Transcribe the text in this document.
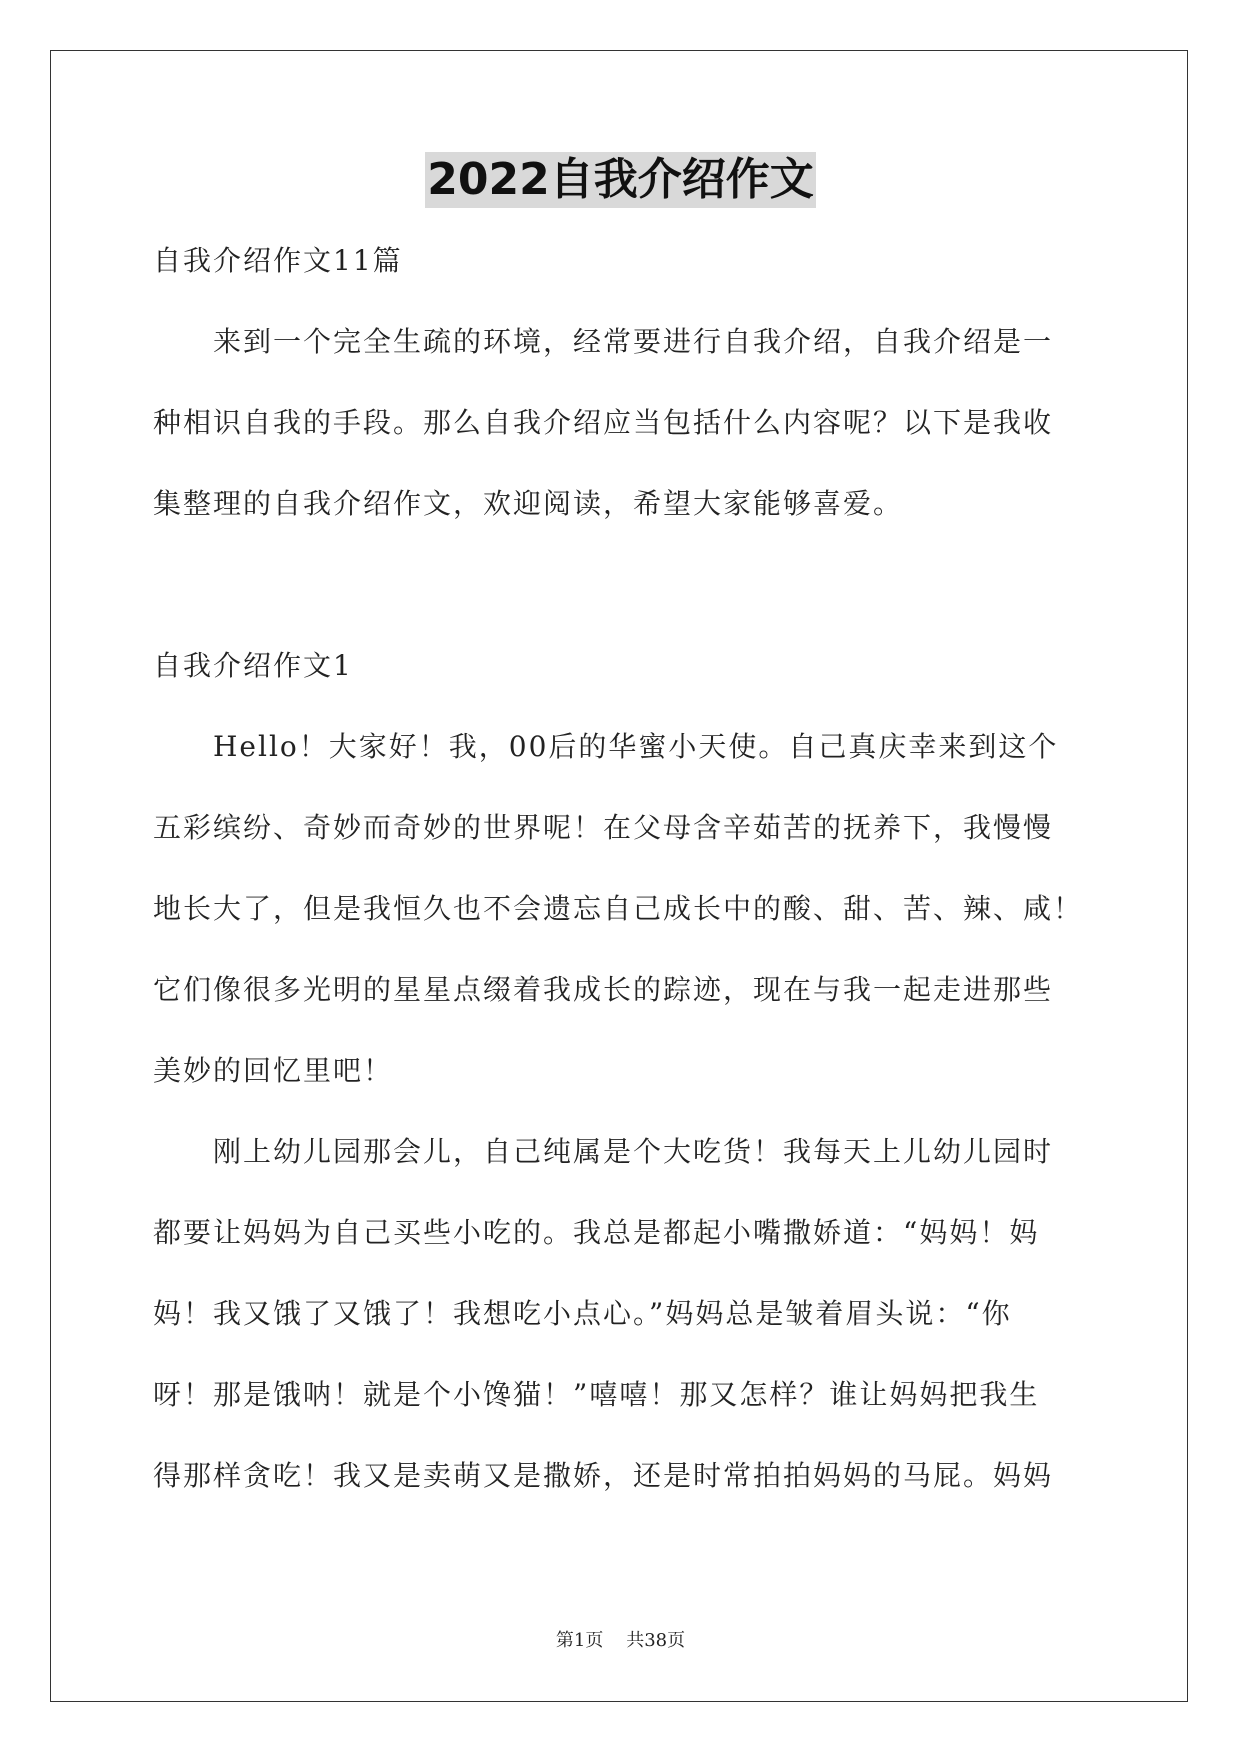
2022自我介绍作文
自我介绍作文11篇
来到一个完全生疏的环境，经常要进行自我介绍，自我介绍是一
种相识自我的手段。那么自我介绍应当包括什么内容呢？以下是我收
集整理的自我介绍作文，欢迎阅读，希望大家能够喜爱。
自我介绍作文1
Hello！大家好！我，00后的华蜜小天使。自己真庆幸来到这个
五彩缤纷、奇妙而奇妙的世界呢！在父母含辛茹苦的抚养下，我慢慢
地长大了，但是我恒久也不会遗忘自己成长中的酸、甜、苦、辣、咸！
它们像很多光明的星星点缀着我成长的踪迹，现在与我一起走进那些
美妙的回忆里吧！
刚上幼儿园那会儿，自己纯属是个大吃货！我每天上儿幼儿园时
都要让妈妈为自己买些小吃的。我总是都起小嘴撒娇道：“妈妈！妈
妈！我又饿了又饿了！我想吃小点心。”妈妈总是皱着眉头说：“你
呀！那是饿呐！就是个小馋猫！”嘻嘻！那又怎样？谁让妈妈把我生
得那样贪吃！我又是卖萌又是撒娇，还是时常拍拍妈妈的马屁。妈妈
第1页 共38页
